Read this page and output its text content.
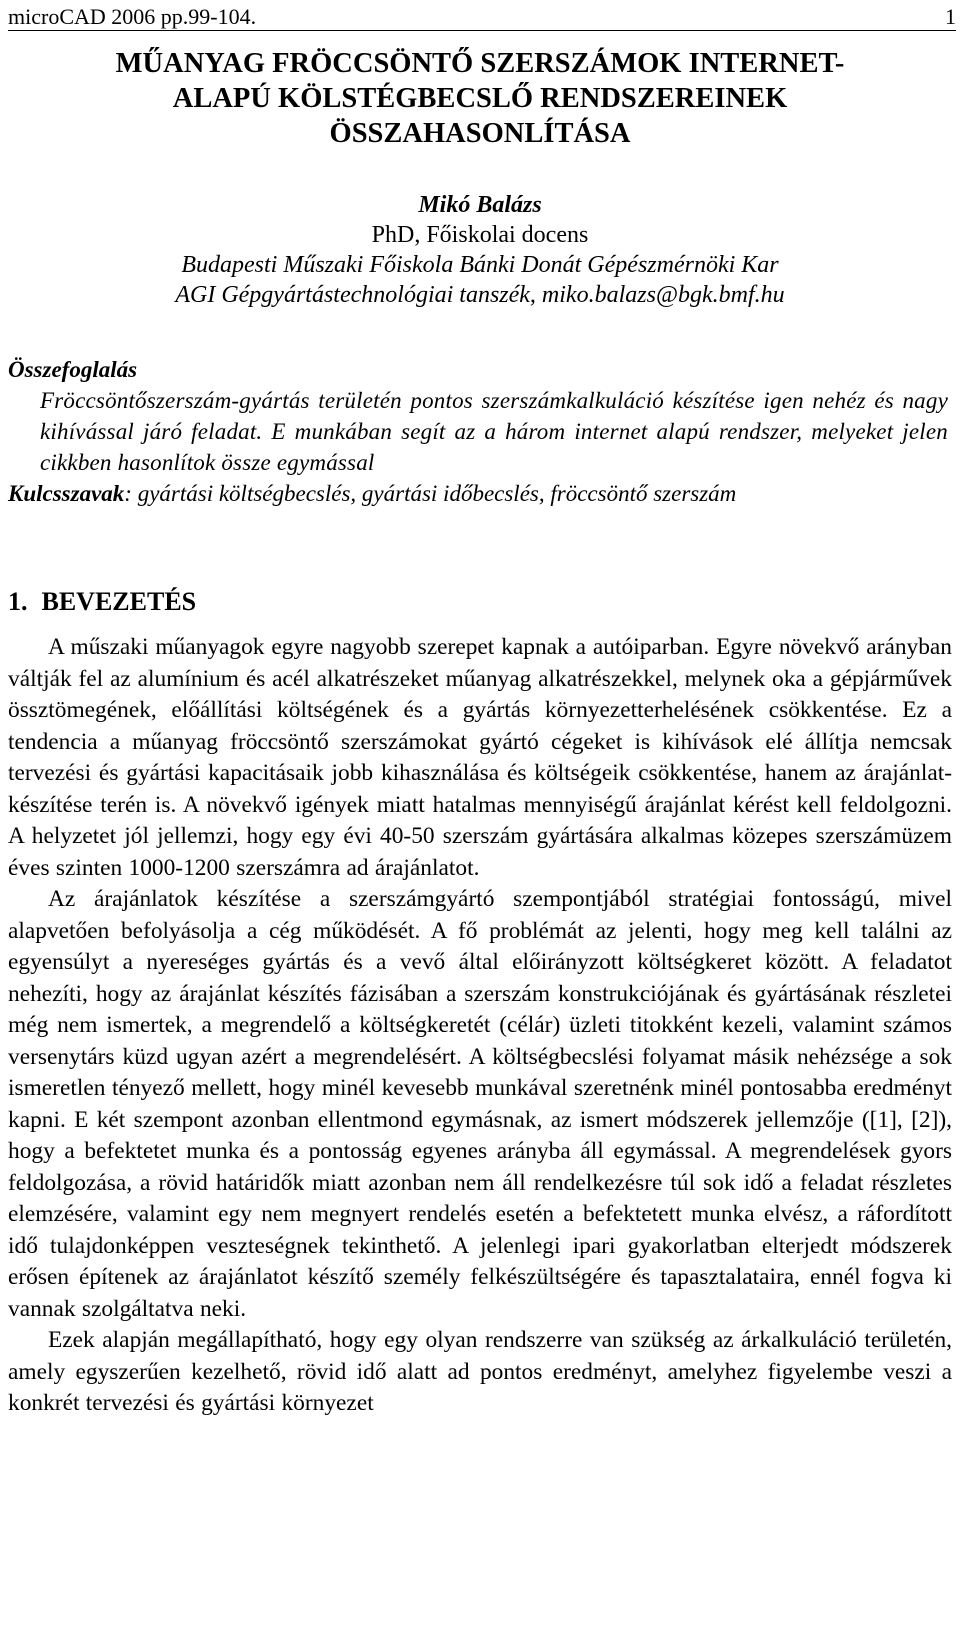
microCAD 2006 pp.99-104.	1
MŰANYAG FRÖCCSÖNTŐ SZERSZÁMOK INTERNET-
ALAPÚ KÖLSTÉGBECSLŐ RENDSZEREINEK
ÖSSZAHASONLÍTÁSA
Mikó Balázs
PhD, Főiskolai docens
Budapesti Műszaki Főiskola Bánki Donát Gépészmérnöki Kar
AGI Gépgyártástechnológiai tanszék, miko.balazs@bgk.bmf.hu
Összefoglalás
Fröccsöntőszerszám-gyártás területén pontos szerszámkalkuláció készítése igen nehéz és nagy kihívással járó feladat. E munkában segít az a három internet alapú rendszer, melyeket jelen cikkben hasonlítok össze egymással
Kulcsszavak: gyártási költségbecslés, gyártási időbecslés, fröccsöntő szerszám
1. BEVEZETÉS

A műszaki műanyagok egyre nagyobb szerepet kapnak a autóiparban. Egyre növekvő arányban váltják fel az alumínium és acél alkatrészeket műanyag alkatrészekkel, melynek oka a gépjárművek össztömegének, előállítási költségének és a gyártás környezetterhelésének csökkentése. Ez a tendencia a műanyag fröccsöntő szerszámokat gyártó cégeket is kihívások elé állítja nemcsak tervezési és gyártási kapacitásaik jobb kihasználása és költségeik csökkentése, hanem az árajánlat-készítése terén is. A növekvő igények miatt hatalmas mennyiségű árajánlat kérést kell feldolgozni. A helyzetet jól jellemzi, hogy egy évi 40-50 szerszám gyártására alkalmas közepes szerszámüzem éves szinten 1000-1200 szerszámra ad árajánlatot.

Az árajánlatok készítése a szerszámgyártó szempontjából stratégiai fontosságú, mivel alapvetően befolyásolja a cég működését. A fő problémát az jelenti, hogy meg kell találni az egyensúlyt a nyereséges gyártás és a vevő által előirányzott költségkeret között. A feladatot nehezíti, hogy az árajánlat készítés fázisában a szerszám konstrukciójának és gyártásának részletei még nem ismertek, a megrendelő a költségkeretét (célár) üzleti titokként kezeli, valamint számos versenytárs küzd ugyan azért a megrendelésért. A költségbecslési folyamat másik nehézsége a sok ismeretlen tényező mellett, hogy minél kevesebb munkával szeretnénk minél pontosabba eredményt kapni. E két szempont azonban ellentmond egymásnak, az ismert módszerek jellemzője ([1], [2]), hogy a befektetet munka és a pontosság egyenes arányba áll egymással. A megrendelések gyors feldolgozása, a rövid határidők miatt azonban nem áll rendelkezésre túl sok idő a feladat részletes elemzésére, valamint egy nem megnyert rendelés esetén a befektetett munka elvész, a ráfordított idő tulajdonképpen veszteségnek tekinthető. A jelenlegi ipari gyakorlatban elterjedt módszerek erősen építenek az árajánlatot készítő személy felkészültségére és tapasztalataira, ennél fogva ki vannak szolgáltatva neki.

Ezek alapján megállapítható, hogy egy olyan rendszerre van szükség az árkalkuláció területén, amely egyszerűen kezelhető, rövid idő alatt ad pontos eredményt, amelyhez figyelembe veszi a konkrét tervezési és gyártási környezet
